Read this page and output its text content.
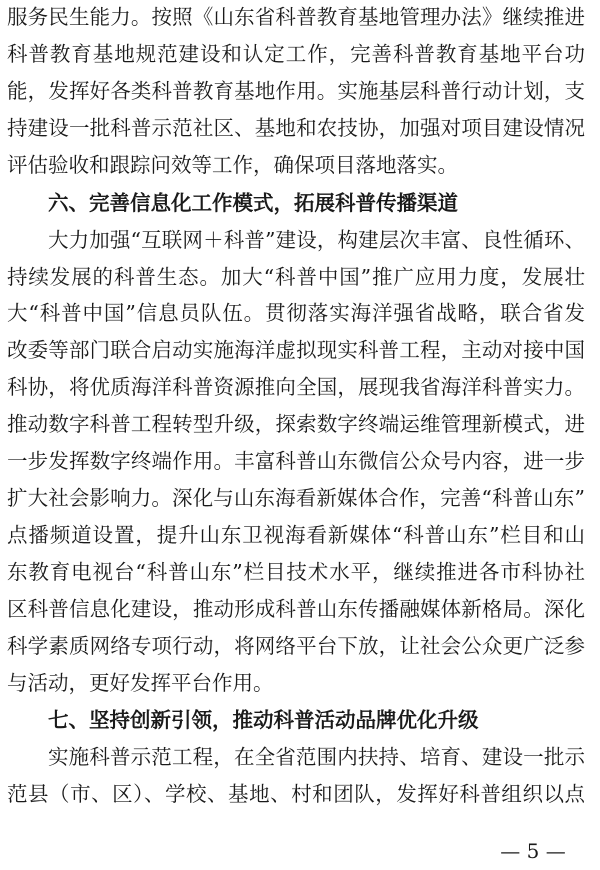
服务民生能力。按照《山东省科普教育基地管理办法》继续推进
科普教育基地规范建设和认定工作，完善科普教育基地平台功
能，发挥好各类科普教育基地作用。实施基层科普行动计划，支
持建设一批科普示范社区、基地和农技协，加强对项目建设情况
评估验收和跟踪问效等工作，确保项目落地落实。
六、完善信息化工作模式，拓展科普传播渠道
大力加强“互联网＋科普”建设，构建层次丰富、良性循环、
持续发展的科普生态。加大“科普中国”推广应用力度，发展壮
大“科普中国”信息员队伍。贯彻落实海洋强省战略，联合省发
改委等部门联合启动实施海洋虚拟现实科普工程，主动对接中国
科协，将优质海洋科普资源推向全国，展现我省海洋科普实力。
推动数字科普工程转型升级，探索数字终端运维管理新模式，进
一步发挥数字终端作用。丰富科普山东微信公众号内容，进一步
扩大社会影响力。深化与山东海看新媒体合作，完善“科普山东”
点播频道设置，提升山东卫视海看新媒体“科普山东”栏目和山
东教育电视台“科普山东”栏目技术水平，继续推进各市科协社
区科普信息化建设，推动形成科普山东传播融媒体新格局。深化
科学素质网络专项行动，将网络平台下放，让社会公众更广泛参
与活动，更好发挥平台作用。
七、坚持创新引领，推动科普活动品牌优化升级
实施科普示范工程，在全省范围内扶持、培育、建设一批示
范县（市、区）、学校、基地、村和团队，发挥好科普组织以点
— 5 —
